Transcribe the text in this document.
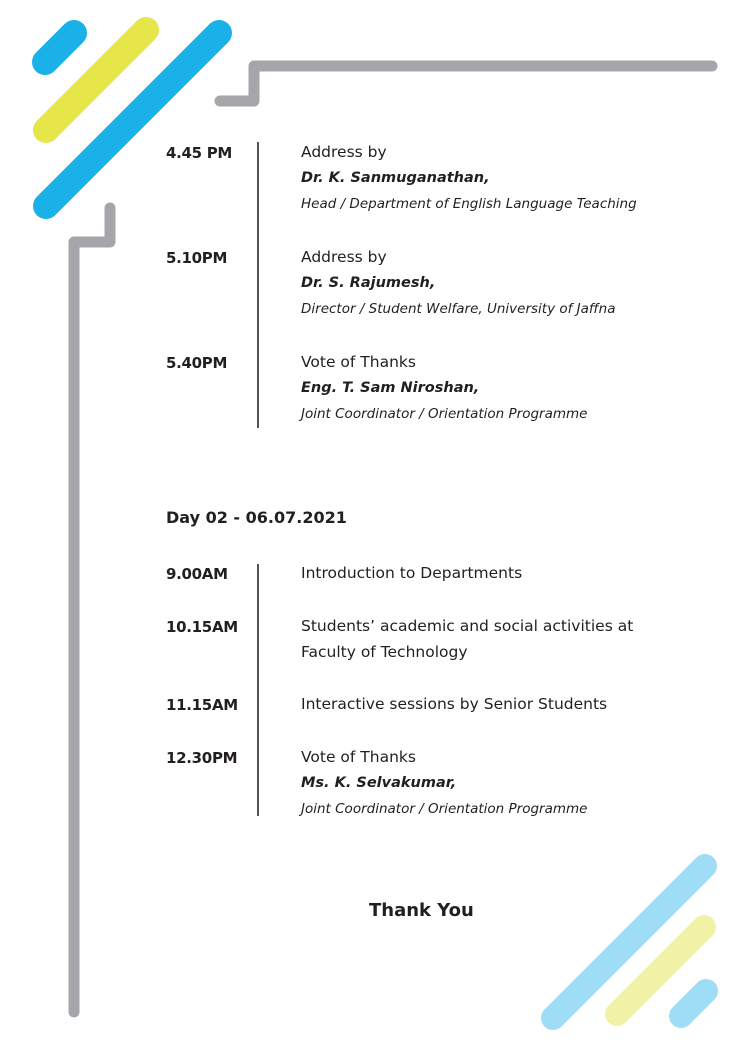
4.45 PM	Address by
Dr. K. Sanmuganathan,
Head / Department of English Language Teaching
5.10PM	Address by
Dr. S. Rajumesh,
Director / Student Welfare, University of Jaffna
5.40PM	Vote of Thanks
Eng. T. Sam Niroshan,
Joint Coordinator / Orientation Programme
Day 02 - 06.07.2021
9.00AM	Introduction to Departments
10.15AM	Students’ academic and social activities at
Faculty of Technology
11.15AM	Interactive sessions by Senior Students
12.30PM	Vote of Thanks
Ms. K. Selvakumar,
Joint Coordinator / Orientation Programme
Thank You
